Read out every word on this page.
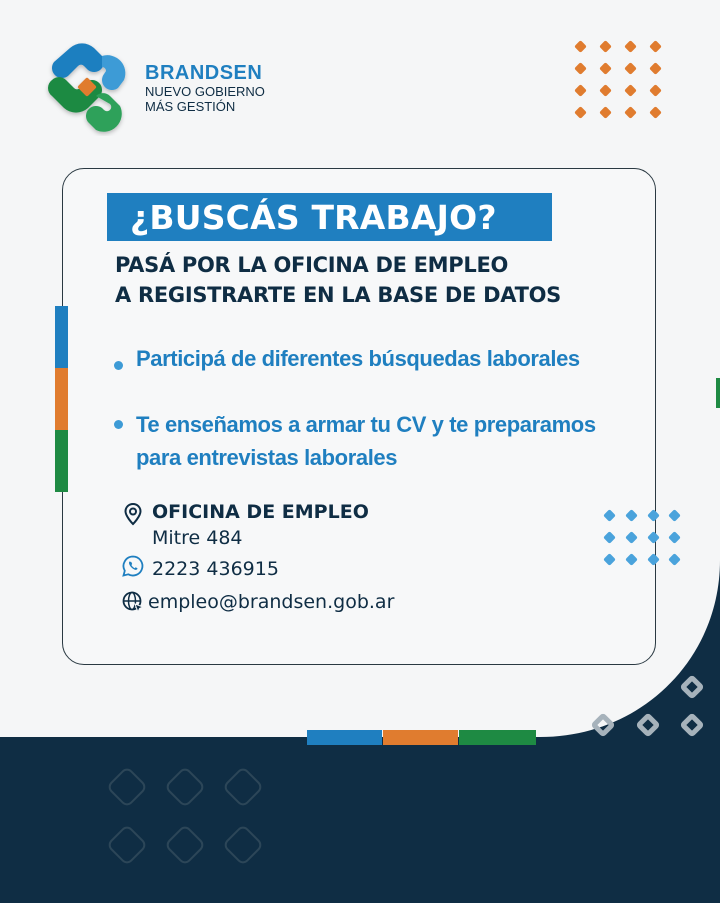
BRANDSEN
NUEVO GOBIERNO
MÁS GESTIÓN
¿BUSCÁS TRABAJO?
PASÁ POR LA OFICINA DE EMPLEO
A REGISTRARTE EN LA BASE DE DATOS
Participá de diferentes búsquedas laborales
Te enseñamos a armar tu CV y te preparamos
para entrevistas laborales
OFICINA DE EMPLEO
Mitre 484
2223 436915
empleo@brandsen.gob.ar
